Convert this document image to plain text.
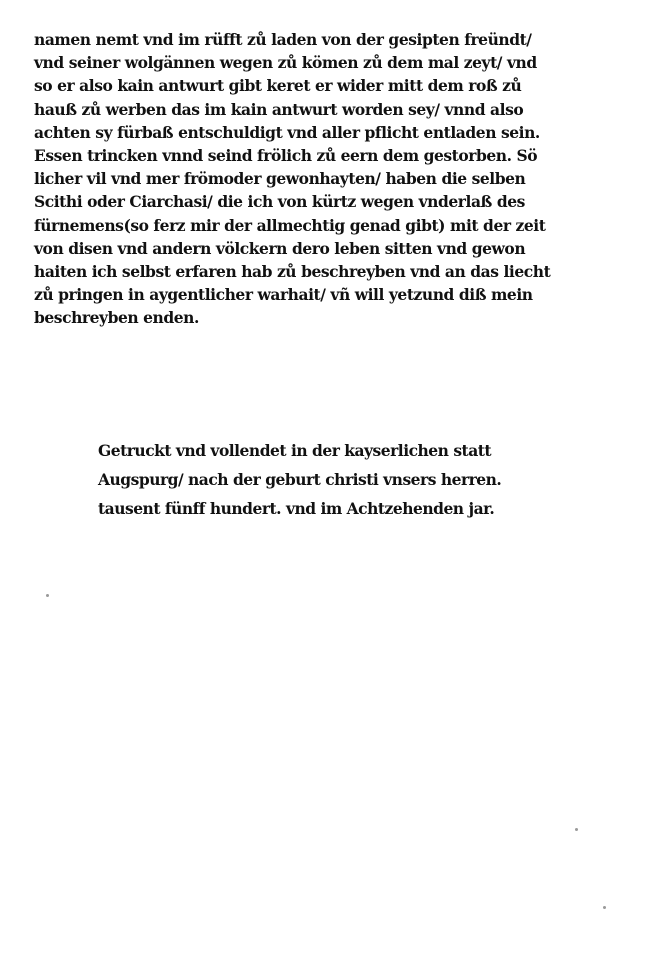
namen nemt vnd im rüfft zů laden von der gesipten freündt/
vnd seiner wolgännen wegen zů kömen zů dem mal zeyt/ vnd
so er also kain antwurt gibt keret er wider mitt dem roß zů
hauß zů werben das im kain antwurt worden sey/ vnnd also
achten sy fürbaß entschuldigt vnd aller pflicht entladen sein.
Essen trincken vnnd seind frölich zů eern dem gestorben. Sö
licher vil vnd mer frömoder gewonhayten/ haben die selben
Scithi oder Ciarchasi/ die ich von kürtz wegen vnderlaß des
fürnemens(so ferz mir der allmechtig genad gibt) mit der zeit
von disen vnd andern völckern dero leben sitten vnd gewon
haiten ich selbst erfaren hab zů beschreyben vnd an das liecht
zů pringen in aygentlicher warhait/ vñ will yetzund diß mein
beschreyben enden.
Getruckt vnd vollendet in der kayserlichen statt
Augspurg/ nach der geburt christi vnsers herren.
tausent fünff hundert. vnd im Achtzehenden jar.
